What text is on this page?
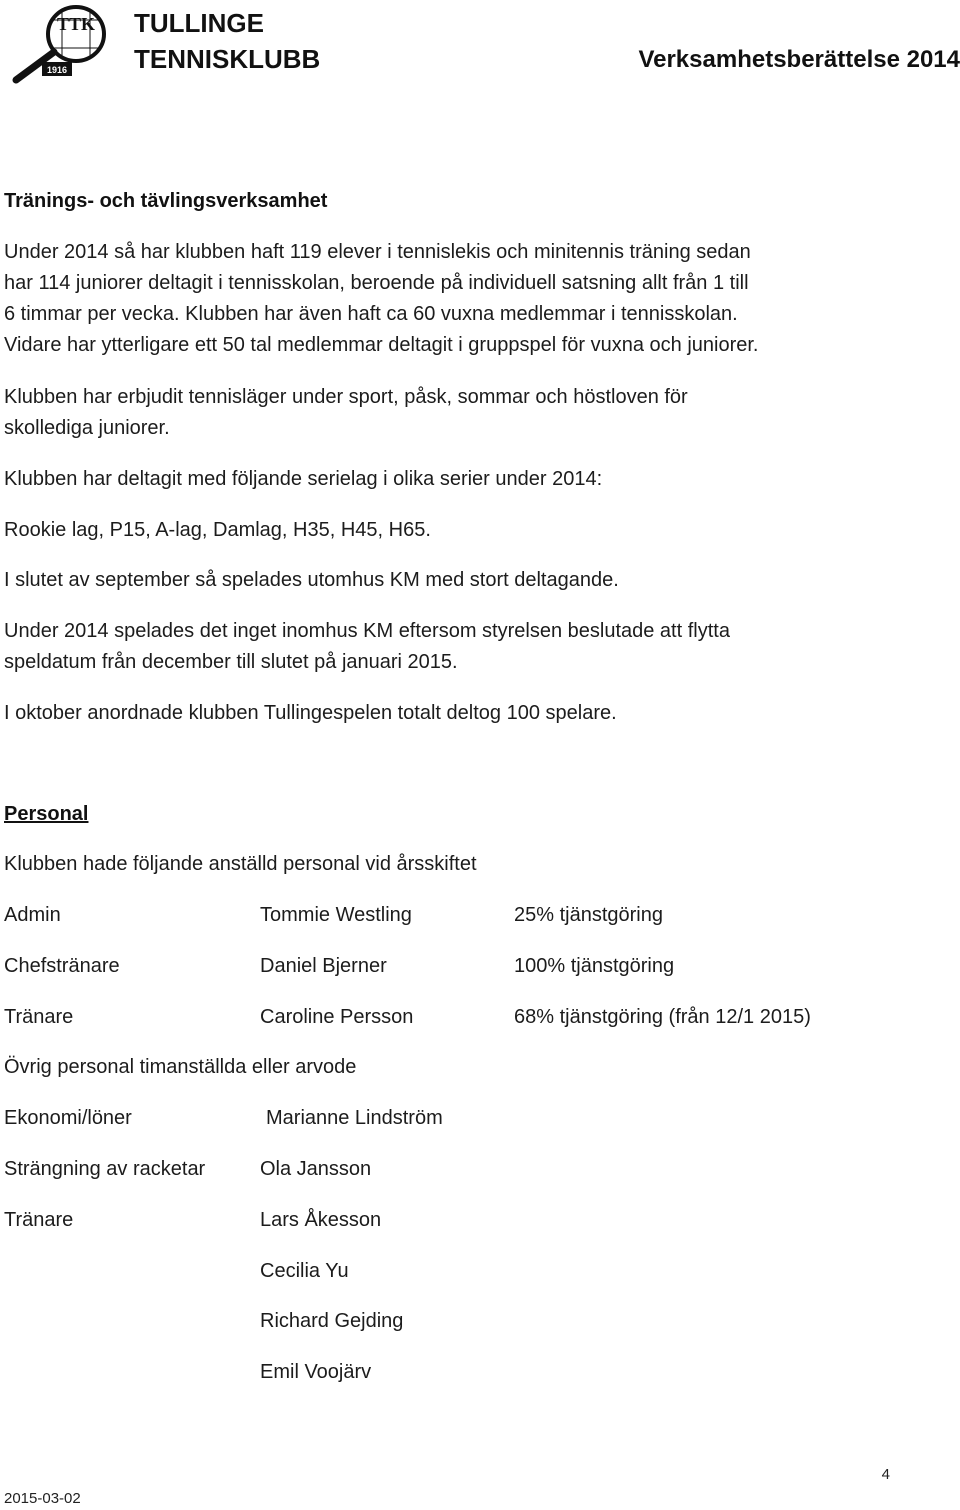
TTK
1916
TULLINGE
TENNISKLUBB	Verksamhetsberättelse 2014
Tränings- och tävlingsverksamhet
Under 2014 så har klubben haft 119 elever i tennislekis och minitennis träning sedan
har 114 juniorer deltagit i tennisskolan, beroende på individuell satsning allt från 1 till
6 timmar per vecka. Klubben har även haft ca 60 vuxna medlemmar i tennisskolan.
Vidare har ytterligare ett 50 tal medlemmar deltagit i gruppspel för vuxna och juniorer.
Klubben har erbjudit tennisläger under sport, påsk, sommar och höstloven för
skollediga juniorer.
Klubben har deltagit med följande serielag i olika serier under 2014:
Rookie lag, P15, A-lag, Damlag, H35, H45, H65.
I slutet av september så spelades utomhus KM med stort deltagande.
Under 2014 spelades det inget inomhus KM eftersom styrelsen beslutade att flytta
speldatum från december till slutet på januari 2015.
I oktober anordnade klubben Tullingespelen totalt deltog 100 spelare.
Personal
Klubben hade följande anställd personal vid årsskiftet
Admin	Tommie Westling	25% tjänstgöring
Chefstränare	Daniel Bjerner	100% tjänstgöring
Tränare	Caroline Persson	68% tjänstgöring (från 12/1 2015)
Övrig personal timanställda eller arvode
Ekonomi/löner	Marianne Lindström
Strängning av racketar	Ola Jansson
Tränare	Lars Åkesson
Cecilia Yu
Richard Gejding
Emil Voojärv
4
2015-03-02
